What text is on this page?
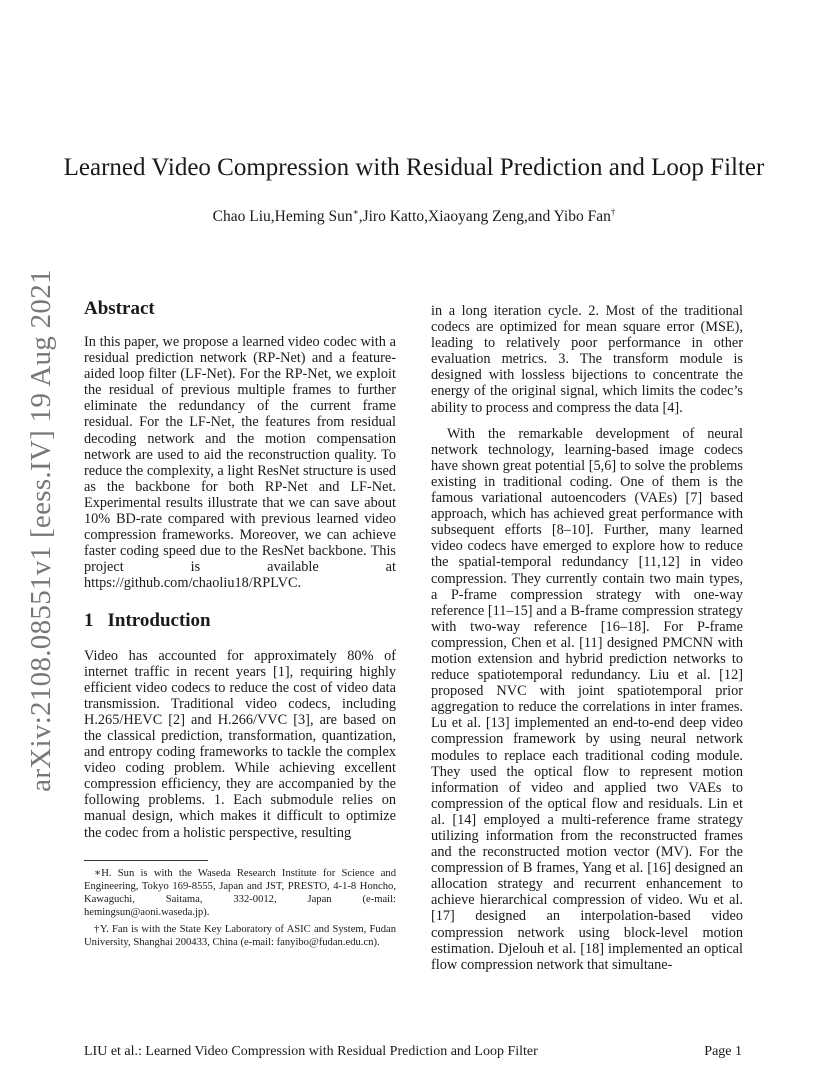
arXiv:2108.08551v1 [eess.IV] 19 Aug 2021
Learned Video Compression with Residual Prediction and Loop Filter
Chao Liu,Heming Sun∗,Jiro Katto,Xiaoyang Zeng,and Yibo Fan†
Abstract

In this paper, we propose a learned video codec with a residual prediction network (RP-Net) and a feature-aided loop filter (LF-Net). For the RP-Net, we exploit the residual of previous multiple frames to further eliminate the redundancy of the current frame residual. For the LF-Net, the features from residual decoding network and the motion compensation network are used to aid the reconstruction quality. To reduce the complexity, a light ResNet structure is used as the backbone for both RP-Net and LF-Net. Experimental results illustrate that we can save about 10% BD-rate compared with previous learned video compression frameworks. Moreover, we can achieve faster coding speed due to the ResNet backbone. This project is available at https://github.com/chaoliu18/RPLVC.

1 Introduction

Video has accounted for approximately 80% of internet traffic in recent years [1], requiring highly efficient video codecs to reduce the cost of video data transmission. Traditional video codecs, including H.265/HEVC [2] and H.266/VVC [3], are based on the classical prediction, transformation, quantization, and entropy coding frameworks to tackle the complex video coding problem. While achieving excellent compression efficiency, they are accompanied by the following problems. 1. Each submodule relies on manual design, which makes it difficult to optimize the codec from a holistic perspective, resulting

∗H. Sun is with the Waseda Research Institute for Science and Engineering, Tokyo 169-8555, Japan and JST, PRESTO, 4-1-8 Honcho, Kawaguchi, Saitama, 332-0012, Japan (e-mail: hemingsun@aoni.waseda.jp).

†Y. Fan is with the State Key Laboratory of ASIC and System, Fudan University, Shanghai 200433, China (e-mail: fanyibo@fudan.edu.cn).

in a long iteration cycle. 2. Most of the traditional codecs are optimized for mean square error (MSE), leading to relatively poor performance in other evaluation metrics. 3. The transform module is designed with lossless bijections to concentrate the energy of the original signal, which limits the codec’s ability to process and compress the data [4].

With the remarkable development of neural network technology, learning-based image codecs have shown great potential [5,6] to solve the problems existing in traditional coding. One of them is the famous variational autoencoders (VAEs) [7] based approach, which has achieved great performance with subsequent efforts [8–10]. Further, many learned video codecs have emerged to explore how to reduce the spatial-temporal redundancy [11,12] in video compression. They currently contain two main types, a P-frame compression strategy with one-way reference [11–15] and a B-frame compression strategy with two-way reference [16–18]. For P-frame compression, Chen et al. [11] designed PMCNN with motion extension and hybrid prediction networks to reduce spatiotemporal redundancy. Liu et al. [12] proposed NVC with joint spatiotemporal prior aggregation to reduce the correlations in inter frames. Lu et al. [13] implemented an end-to-end deep video compression framework by using neural network modules to replace each traditional coding module. They used the optical flow to represent motion information of video and applied two VAEs to compression of the optical flow and residuals. Lin et al. [14] employed a multi-reference frame strategy utilizing information from the reconstructed frames and the reconstructed motion vector (MV). For the compression of B frames, Yang et al. [16] designed an allocation strategy and recurrent enhancement to achieve hierarchical compression of video. Wu et al. [17] designed an interpolation-based video compression network using block-level motion estimation. Djelouh et al. [18] implemented an optical flow compression network that simultane-

LIU et al.: Learned Video Compression with Residual Prediction and Loop Filter	Page 1
